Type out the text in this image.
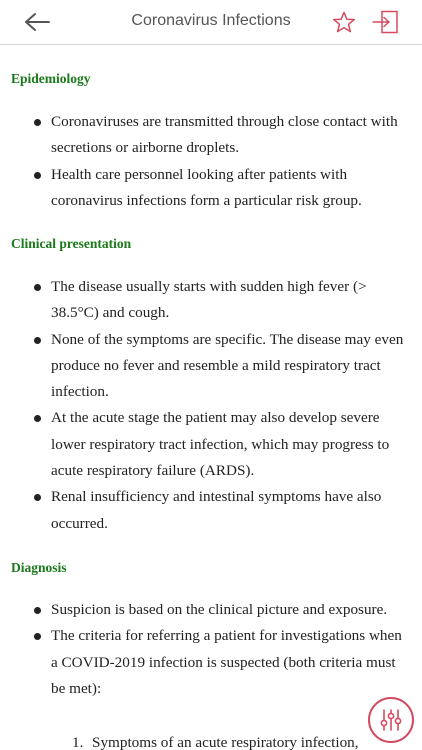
Coronavirus Infections
Epidemiology
Coronaviruses are transmitted through close contact with secretions or airborne droplets.
Health care personnel looking after patients with coronavirus infections form a particular risk group.
Clinical presentation
The disease usually starts with sudden high fever (> 38.5°C) and cough.
None of the symptoms are specific. The disease may even produce no fever and resemble a mild respiratory tract infection.
At the acute stage the patient may also develop severe lower respiratory tract infection, which may progress to acute respiratory failure (ARDS).
Renal insufficiency and intestinal symptoms have also occurred.
Diagnosis
Suspicion is based on the clinical picture and exposure.
The criteria for referring a patient for investigations when a COVID-2019 infection is suspected (both criteria must be met):
1. Symptoms of an acute respiratory infection,
